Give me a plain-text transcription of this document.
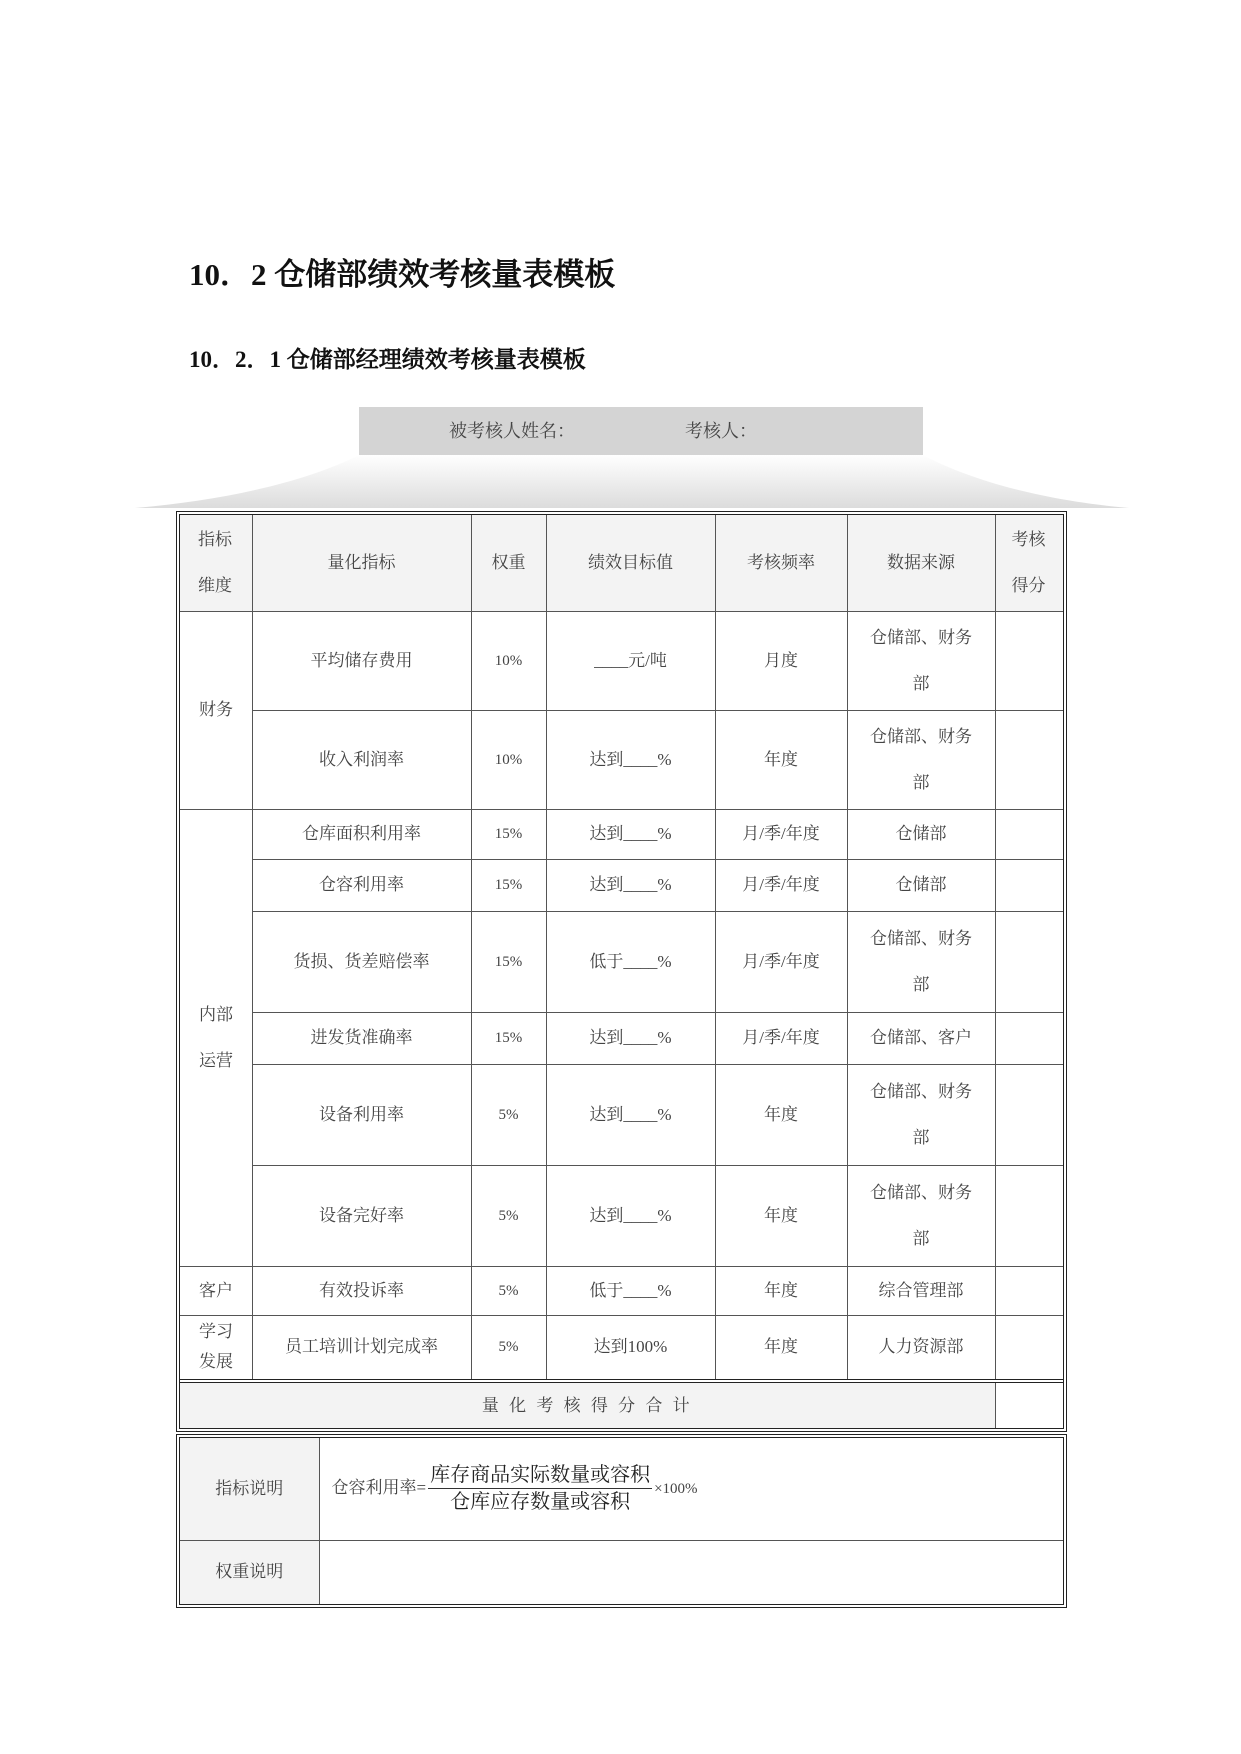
10．2 仓储部绩效考核量表模板
10．2．1 仓储部经理绩效考核量表模板
被考核人姓名：	考核人：
指标
维度	量化指标	权重	绩效目标值	考核频率	数据来源	考核
得分
财务	平均储存费用	10%	____元/吨	月度	仓储部、财务部	
	收入利润率	10%	达到____%	年度	仓储部、财务部	
内部
运营	仓库面积利用率	15%	达到____%	月/季/年度	仓储部	
	仓容利用率	15%	达到____%	月/季/年度	仓储部	
	货损、货差赔偿率	15%	低于____%	月/季/年度	仓储部、财务部	
	进发货准确率	15%	达到____%	月/季/年度	仓储部、客户	
	设备利用率	5%	达到____%	年度	仓储部、财务部	
	设备完好率	5%	达到____%	年度	仓储部、财务部	
客户	有效投诉率	5%	低于____%	年度	综合管理部	
学习
发展	员工培训计划完成率	5%	达到100%	年度	人力资源部	
量 化 考 核 得 分 合 计						
指标说明	仓容利用率= $\frac{\text{库存商品实际数量或容积}}{\text{仓库应存数量或容积}} \times 100\%$
权重说明	
